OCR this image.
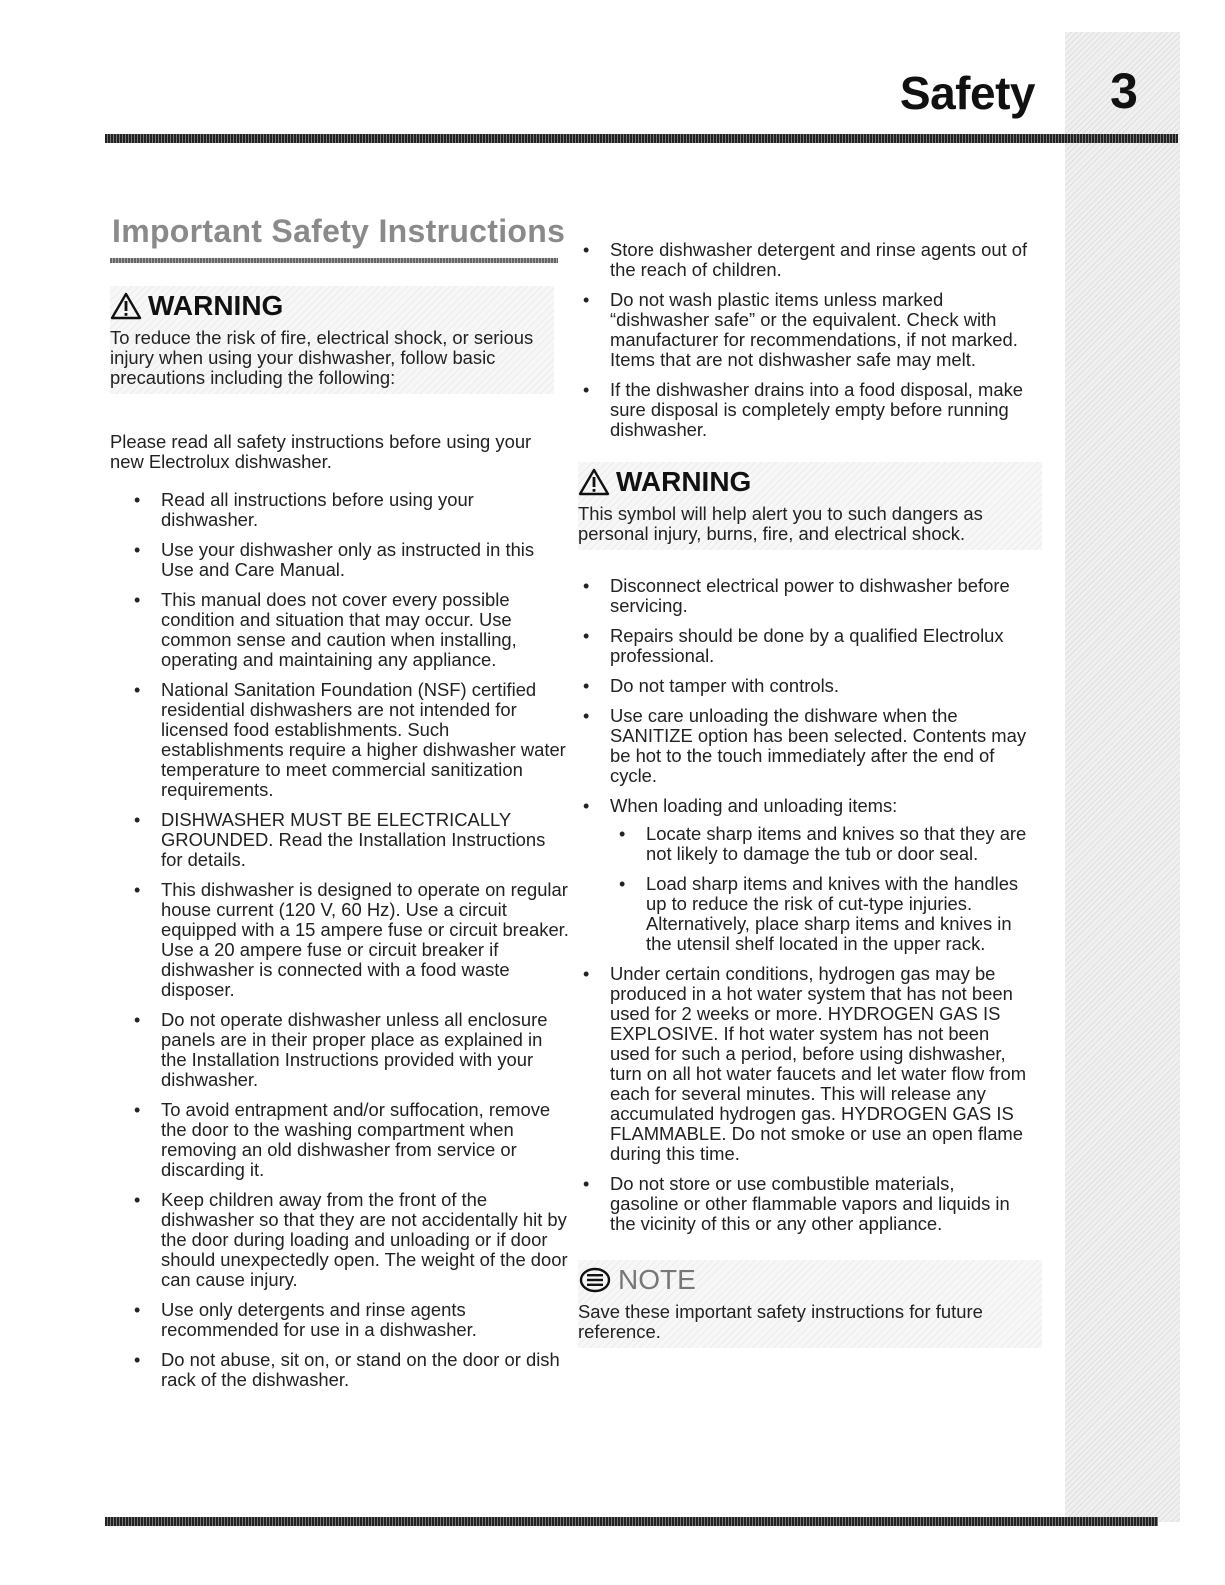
Safety	3
Important Safety Instructions
WARNING
To reduce the risk of fire, electrical shock, or serious injury when using your dishwasher, follow basic precautions including the following:

Please read all safety instructions before using your new Electrolux dishwasher.

• Read all instructions before using your dishwasher.
• Use your dishwasher only as instructed in this Use and Care Manual.
• This manual does not cover every possible condition and situation that may occur. Use common sense and caution when installing, operating and maintaining any appliance.
• National Sanitation Foundation (NSF) certified residential dishwashers are not intended for licensed food establishments. Such establishments require a higher dishwasher water temperature to meet commercial sanitization requirements.
• DISHWASHER MUST BE ELECTRICALLY GROUNDED. Read the Installation Instructions for details.
• This dishwasher is designed to operate on regular house current (120 V, 60 Hz). Use a circuit equipped with a 15 ampere fuse or circuit breaker. Use a 20 ampere fuse or circuit breaker if dishwasher is connected with a food waste disposer.
• Do not operate dishwasher unless all enclosure panels are in their proper place as explained in the Installation Instructions provided with your dishwasher.
• To avoid entrapment and/or suffocation, remove the door to the washing compartment when removing an old dishwasher from service or discarding it.
• Keep children away from the front of the dishwasher so that they are not accidentally hit by the door during loading and unloading or if door should unexpectedly open. The weight of the door can cause injury.
• Use only detergents and rinse agents recommended for use in a dishwasher.
• Do not abuse, sit on, or stand on the door or dish rack of the dishwasher.
• Store dishwasher detergent and rinse agents out of the reach of children.
• Do not wash plastic items unless marked “dishwasher safe” or the equivalent. Check with manufacturer for recommendations, if not marked. Items that are not dishwasher safe may melt.
• If the dishwasher drains into a food disposal, make sure disposal is completely empty before running dishwasher.
WARNING
This symbol will help alert you to such dangers as personal injury, burns, fire, and electrical shock.
• Disconnect electrical power to dishwasher before servicing.
• Repairs should be done by a qualified Electrolux professional.
• Do not tamper with controls.
• Use care unloading the dishware when the SANITIZE option has been selected. Contents may be hot to the touch immediately after the end of cycle.
• When loading and unloading items:
• Locate sharp items and knives so that they are not likely to damage the tub or door seal.
• Load sharp items and knives with the handles up to reduce the risk of cut-type injuries. Alternatively, place sharp items and knives in the utensil shelf located in the upper rack.
• Under certain conditions, hydrogen gas may be produced in a hot water system that has not been used for 2 weeks or more. HYDROGEN GAS IS EXPLOSIVE. If hot water system has not been used for such a period, before using dishwasher, turn on all hot water faucets and let water flow from each for several minutes. This will release any accumulated hydrogen gas. HYDROGEN GAS IS FLAMMABLE. Do not smoke or use an open flame during this time.
• Do not store or use combustible materials, gasoline or other flammable vapors and liquids in the vicinity of this or any other appliance.
NOTE
Save these important safety instructions for future reference.
